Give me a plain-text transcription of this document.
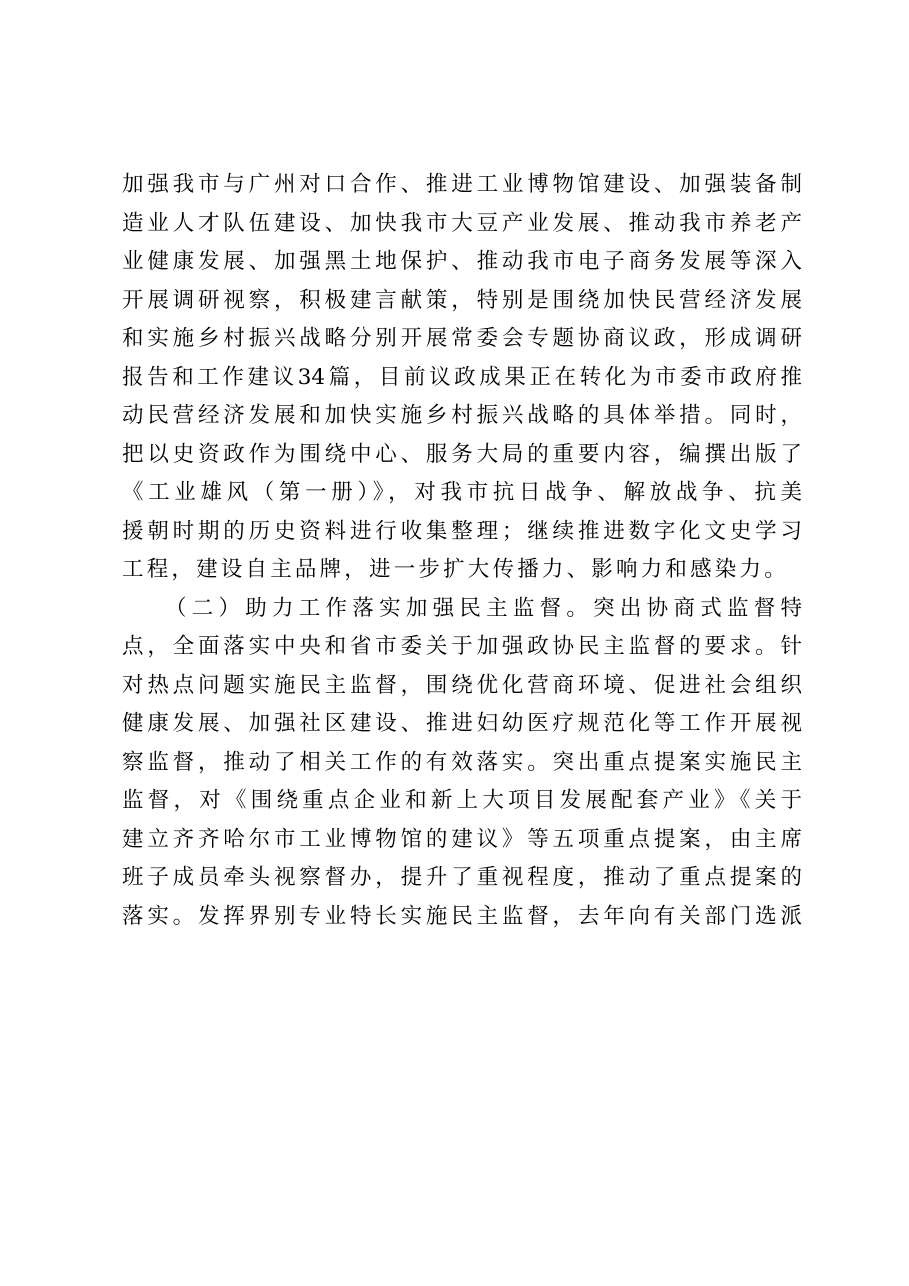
加强我市与广州对口合作、推进工业博物馆建设、加强装备制
造业人才队伍建设、加快我市大豆产业发展、推动我市养老产
业健康发展、加强黑土地保护、推动我市电子商务发展等深入
开展调研视察，积极建言献策，特别是围绕加快民营经济发展
和实施乡村振兴战略分别开展常委会专题协商议政，形成调研
报告和工作建议34篇，目前议政成果正在转化为市委市政府推
动民营经济发展和加快实施乡村振兴战略的具体举措。同时，
把以史资政作为围绕中心、服务大局的重要内容，编撰出版了
《工业雄风（第一册）》，对我市抗日战争、解放战争、抗美
援朝时期的历史资料进行收集整理；继续推进数字化文史学习
工程，建设自主品牌，进一步扩大传播力、影响力和感染力。
（二）助力工作落实加强民主监督。突出协商式监督特
点，全面落实中央和省市委关于加强政协民主监督的要求。针
对热点问题实施民主监督，围绕优化营商环境、促进社会组织
健康发展、加强社区建设、推进妇幼医疗规范化等工作开展视
察监督，推动了相关工作的有效落实。突出重点提案实施民主
监督，对《围绕重点企业和新上大项目发展配套产业》《关于
建立齐齐哈尔市工业博物馆的建议》等五项重点提案，由主席
班子成员牵头视察督办，提升了重视程度，推动了重点提案的
落实。发挥界别专业特长实施民主监督，去年向有关部门选派
